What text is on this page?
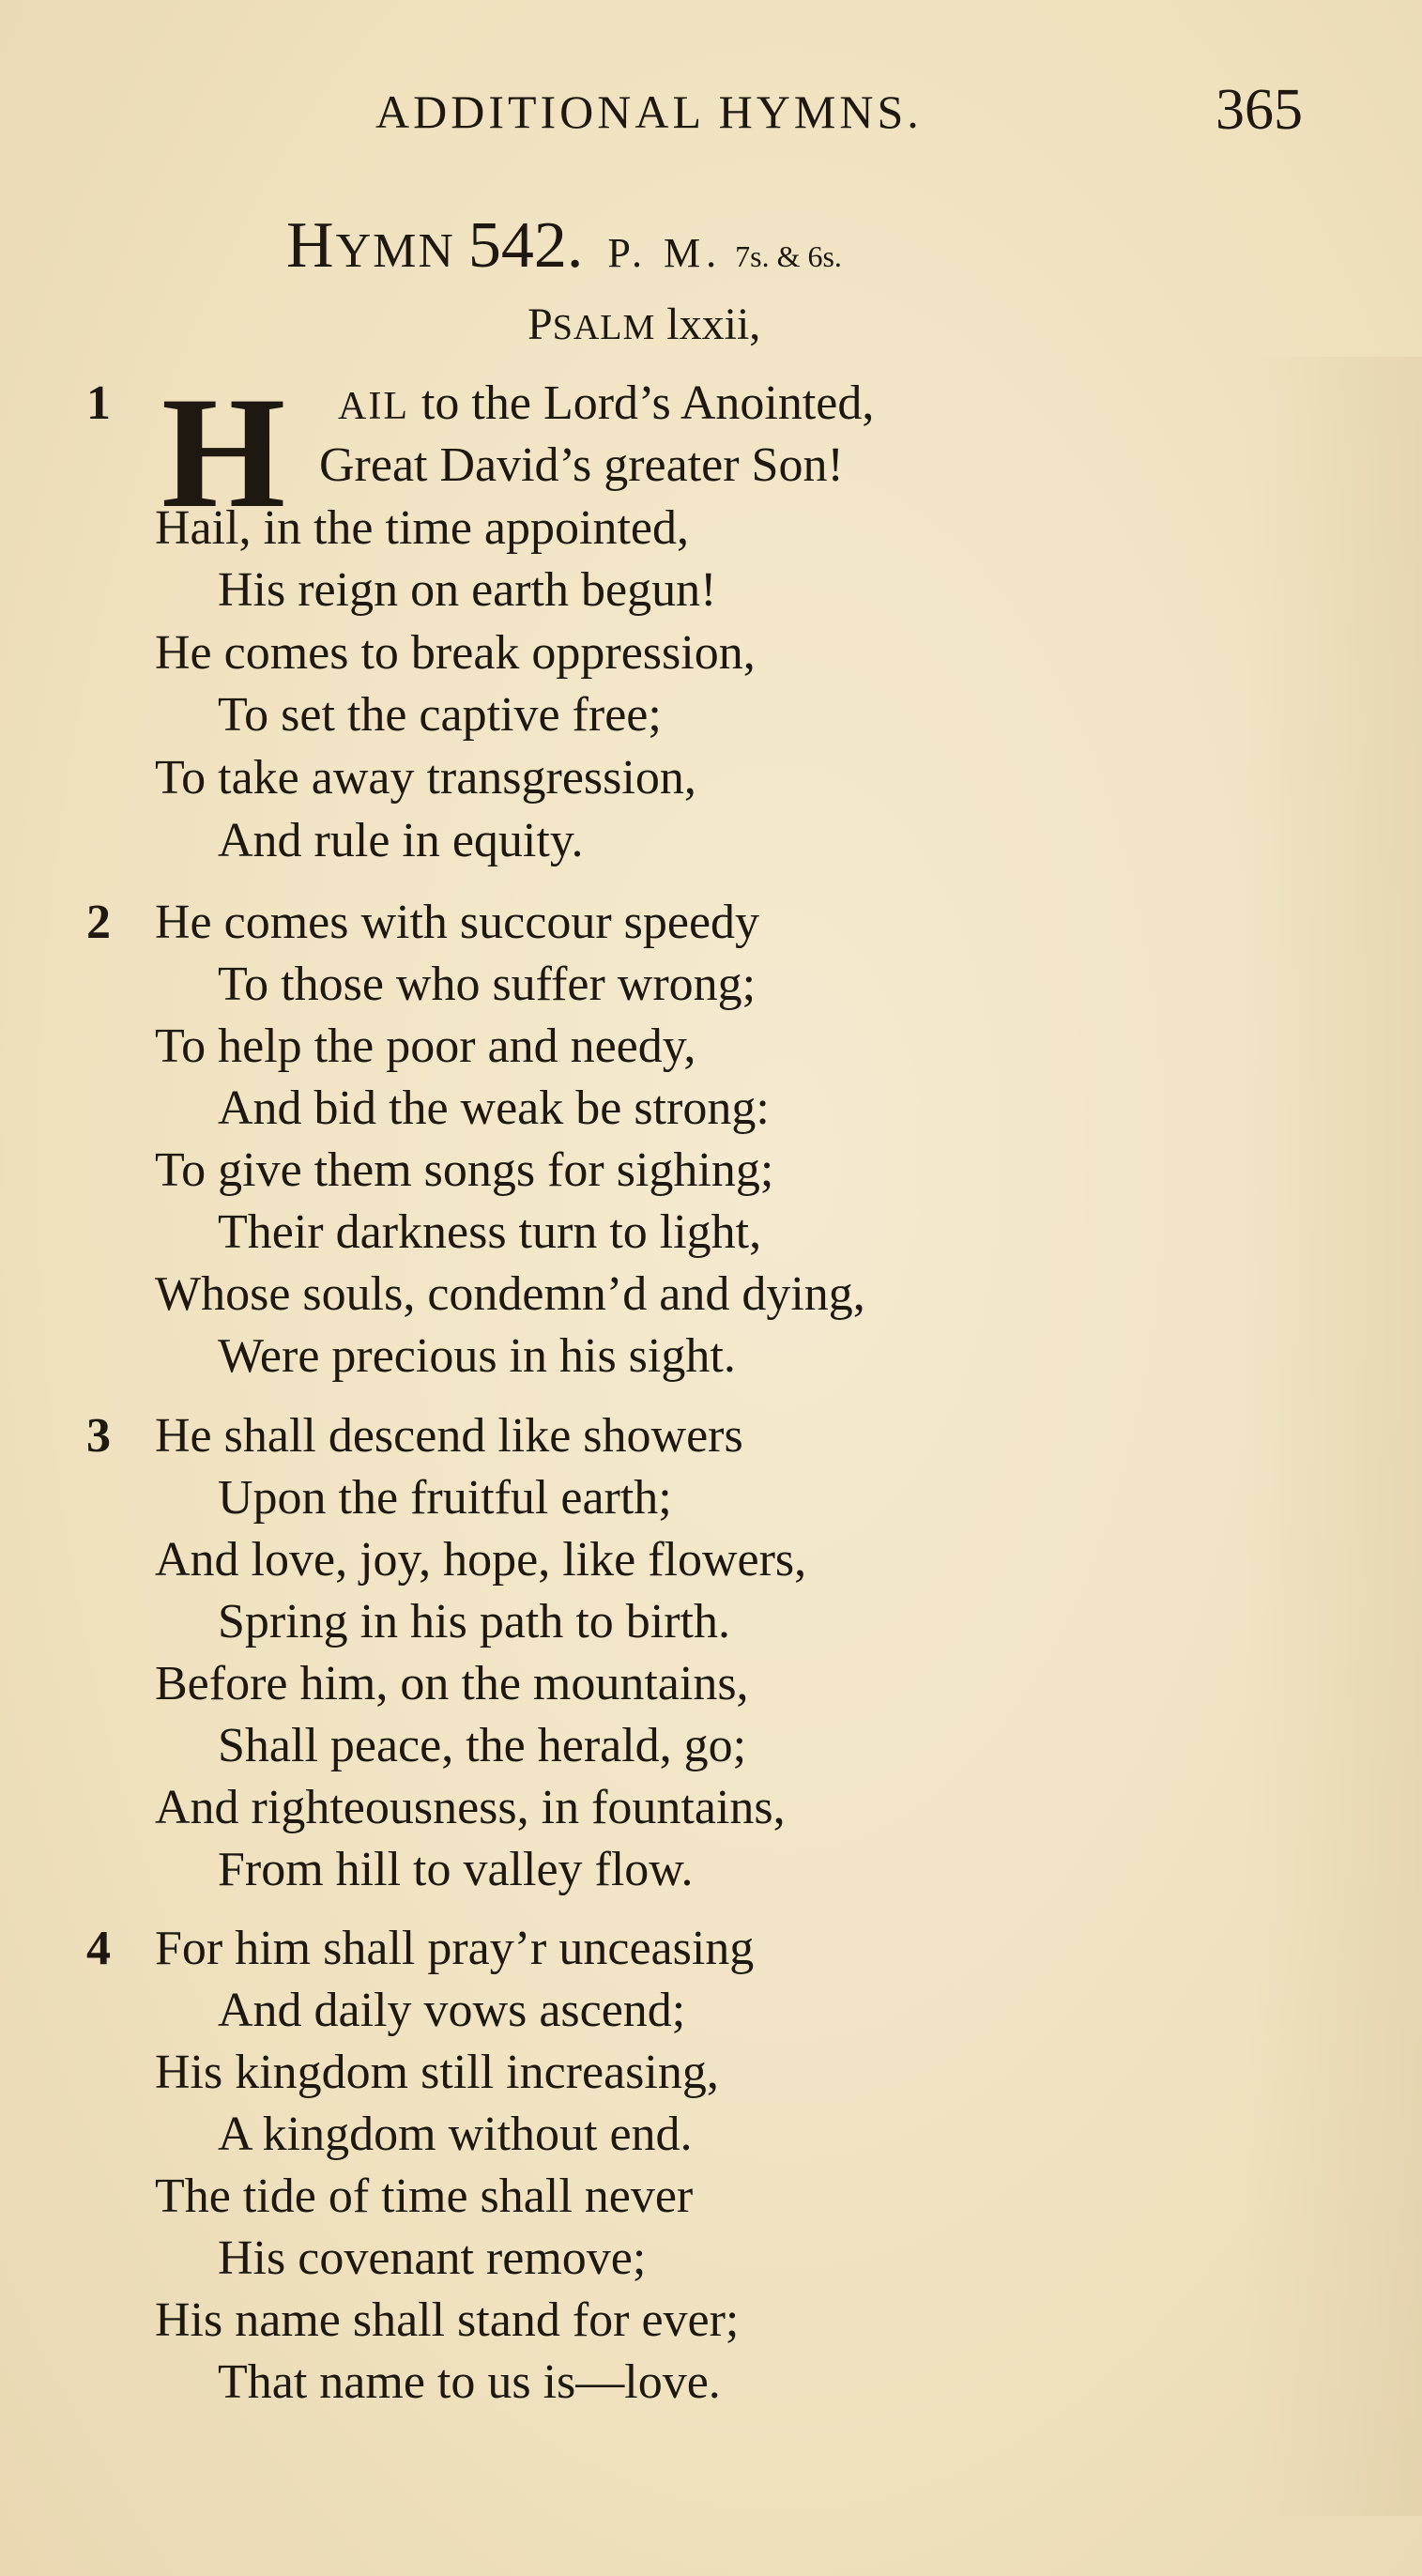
ADDITIONAL HYMNS.	365
HYMN 542. P. M. 7s. & 6s.
PSALM lxxii,
1 H AIL to the Lord’s Anointed,
Great David’s greater Son!
Hail, in the time appointed,
His reign on earth begun!
He comes to break oppression,
To set the captive free;
To take away transgression,
And rule in equity.
2 He comes with succour speedy
To those who suffer wrong;
To help the poor and needy,
And bid the weak be strong:
To give them songs for sighing;
Their darkness turn to light,
Whose souls, condemn’d and dying,
Were precious in his sight.
3 He shall descend like showers
Upon the fruitful earth;
And love, joy, hope, like flowers,
Spring in his path to birth.
Before him, on the mountains,
Shall peace, the herald, go;
And righteousness, in fountains,
From hill to valley flow.
4 For him shall pray’r unceasing
And daily vows ascend;
His kingdom still increasing,
A kingdom without end.
The tide of time shall never
His covenant remove;
His name shall stand for ever;
That name to us is—love.
